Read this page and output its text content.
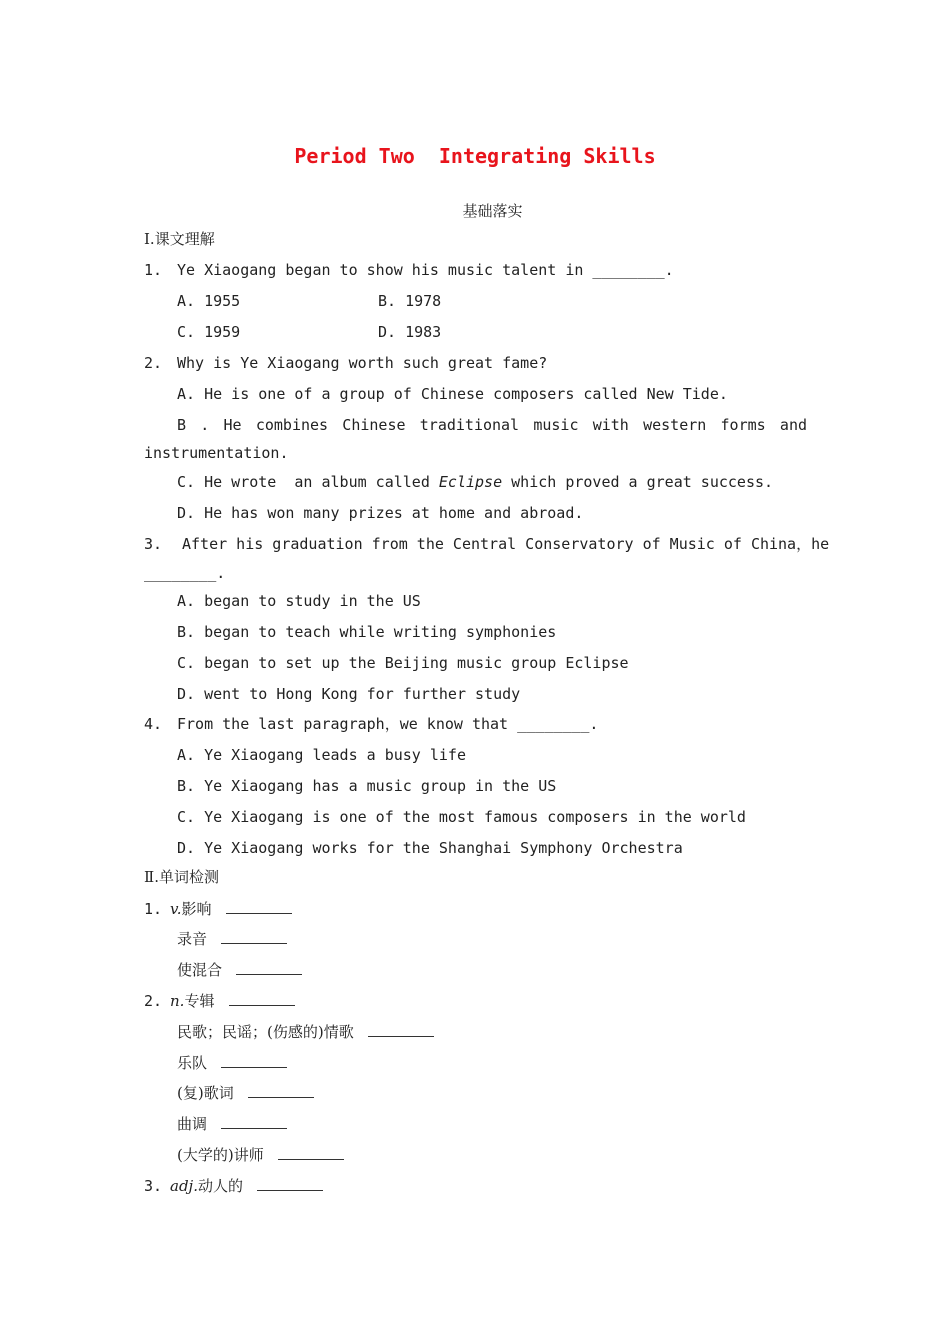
Period Two  Integrating Skills
基础落实
Ⅰ.课文理解
1. Ye Xiaogang began to show his music talent in ________.
A. 1955	B. 1978
C. 1959	D. 1983
2. Why is Ye Xiaogang worth such great fame?
A. He is one of a group of Chinese composers called New Tide.
B . He combines Chinese traditional music with western forms and
instrumentation.
C. He wrote  an album called Eclipse which proved a great success.
D. He has won many prizes at home and abroad.
3. After his graduation from the Central Conservatory of Music of China，he
________.
A. began to study in the US
B. began to teach while writing symphonies
C. began to set up the Beijing music group Eclipse
D. went to Hong Kong for further study
4. From the last paragraph，we know that ________.
A. Ye Xiaogang leads a busy life
B. Ye Xiaogang has a music group in the US
C. Ye Xiaogang is one of the most famous composers in the world
D. Ye Xiaogang works for the Shanghai Symphony Orchestra
Ⅱ.单词检测
1. v.影响
录音
使混合
2. n.专辑
民歌；民谣；(伤感的)情歌
乐队
(复)歌词
曲调
(大学的)讲师
3. adj.动人的
